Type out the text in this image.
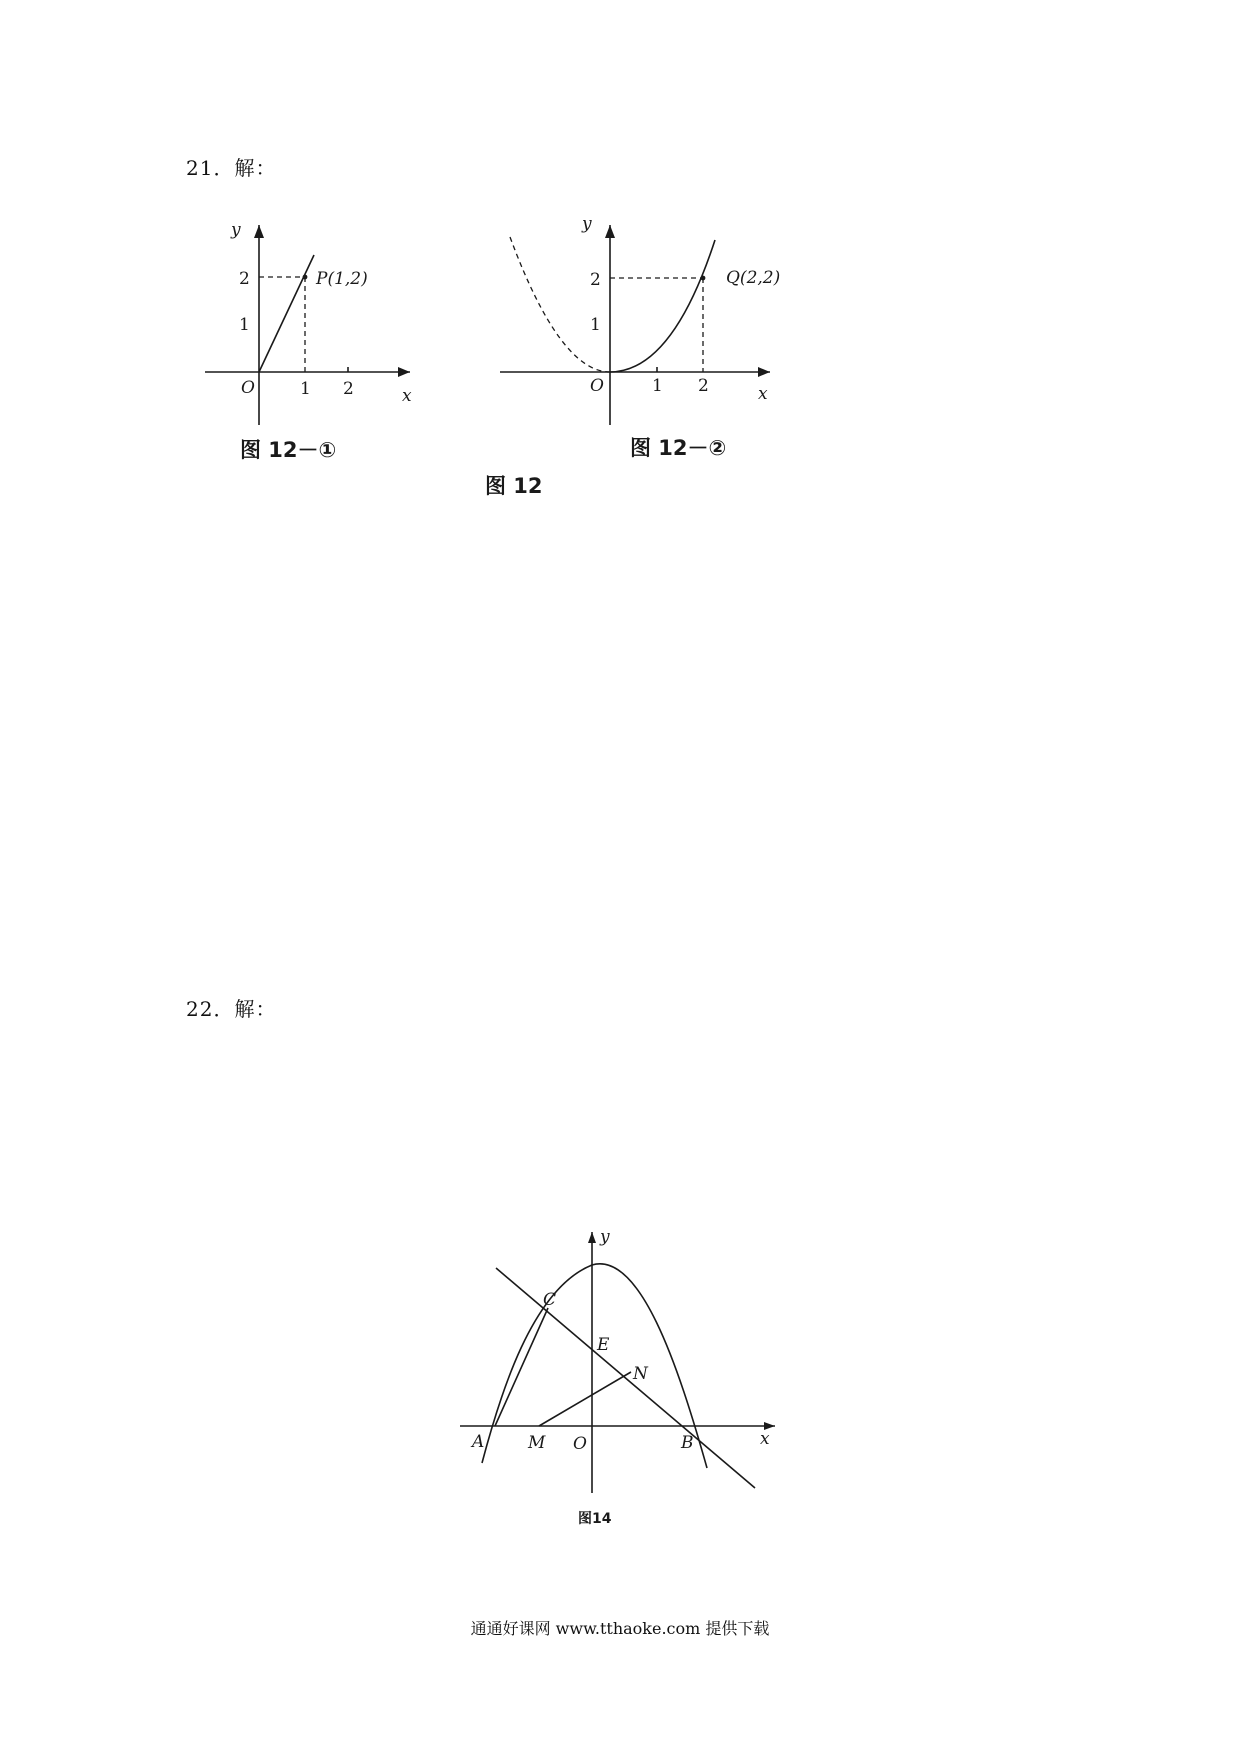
21．解：
y
x
O	1 2
1
2	P(1,2)
图 12－①
y
x
O	1 2
1
2	Q(2,2)
图 12－②
图 12
22．解：
A	M O	B	x
y
C
E
N
图14
通通好课网 www.tthaoke.com 提供下载
